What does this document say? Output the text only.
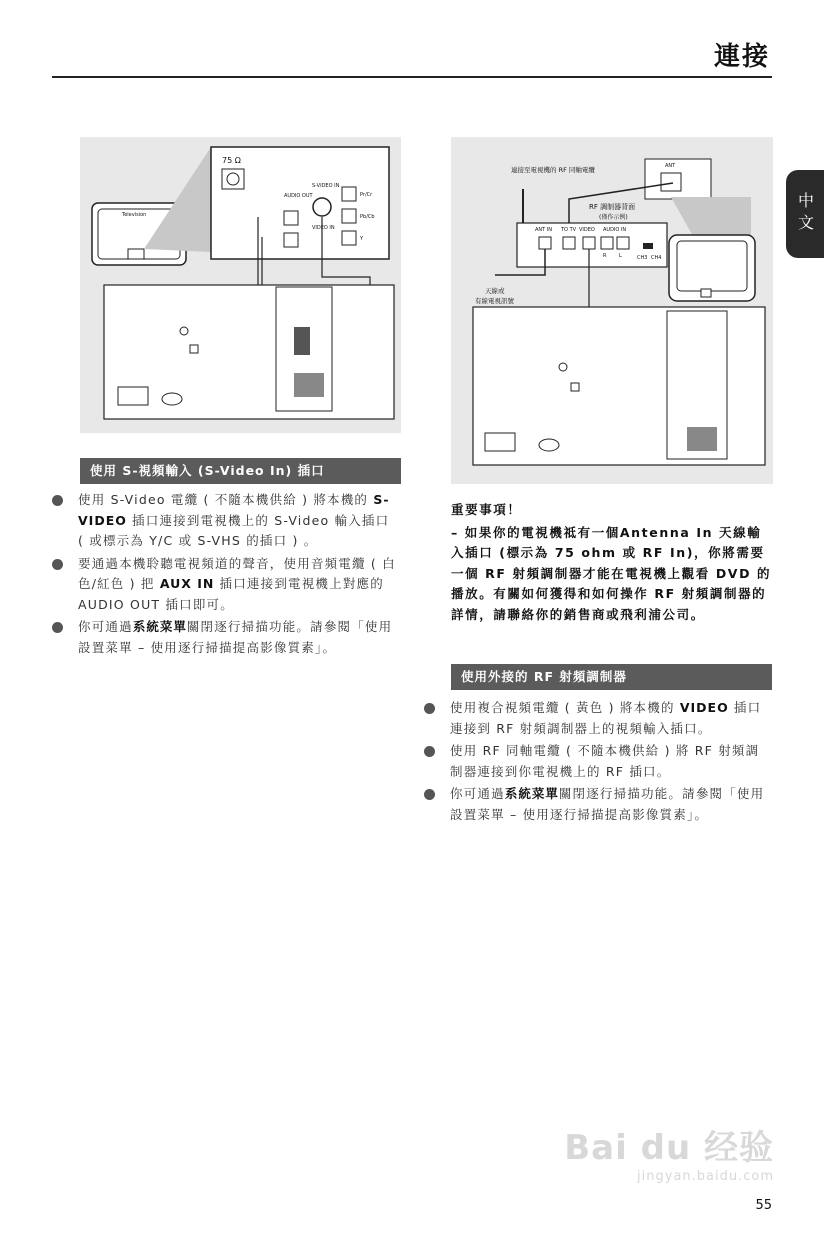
連接
中文
Television
75 Ω
S-VIDEO IN
AUDIO OUT
VIDEO IN
Pr/Cr
Pb/Cb
Y
連接至電視機的 RF 同軸電纜	ANT
RF 調制器背面
(僅作示例)
ANT IN TO TV VIDEO AUDIO IN
R	L	CH3 CH4
天線或
有線電視訊號
使用 S-視頻輸入 (S-Video In) 插口
使用 S-Video 電纜 ( 不隨本機供給 ) 將本機的 S-VIDEO 插口連接到電視機上的 S-Video 輸入插口 ( 或標示為 Y/C 或 S-VHS 的插口 ) 。
要通過本機聆聽電視頻道的聲音，使用音頻電纜 ( 白色/紅色 ) 把 AUX IN 插口連接到電視機上對應的 AUDIO OUT 插口即可。
你可通過系統菜單關閉逐行掃描功能。請參閱「使用設置菜單 – 使用逐行掃描提高影像質素」。
重要事項！
– 如果你的電視機祗有一個Antenna In 天線輸入插口 (標示為 75 ohm 或 RF In)，你將需要一個 RF 射頻調制器才能在電視機上觀看 DVD 的播放。有關如何獲得和如何操作 RF 射頻調制器的詳情，請聯絡你的銷售商或飛利浦公司。
使用外接的 RF 射頻調制器
使用複合視頻電纜 ( 黃色 ) 將本機的 VIDEO 插口連接到 RF 射頻調制器上的視頻輸入插口。
使用 RF 同軸電纜 ( 不隨本機供給 ) 將 RF 射頻調制器連接到你電視機上的 RF 插口。
你可通過系統菜單關閉逐行掃描功能。請參閱「使用設置菜單 – 使用逐行掃描提高影像質素」。
Bai du 经验
jingyan.baidu.com
55
